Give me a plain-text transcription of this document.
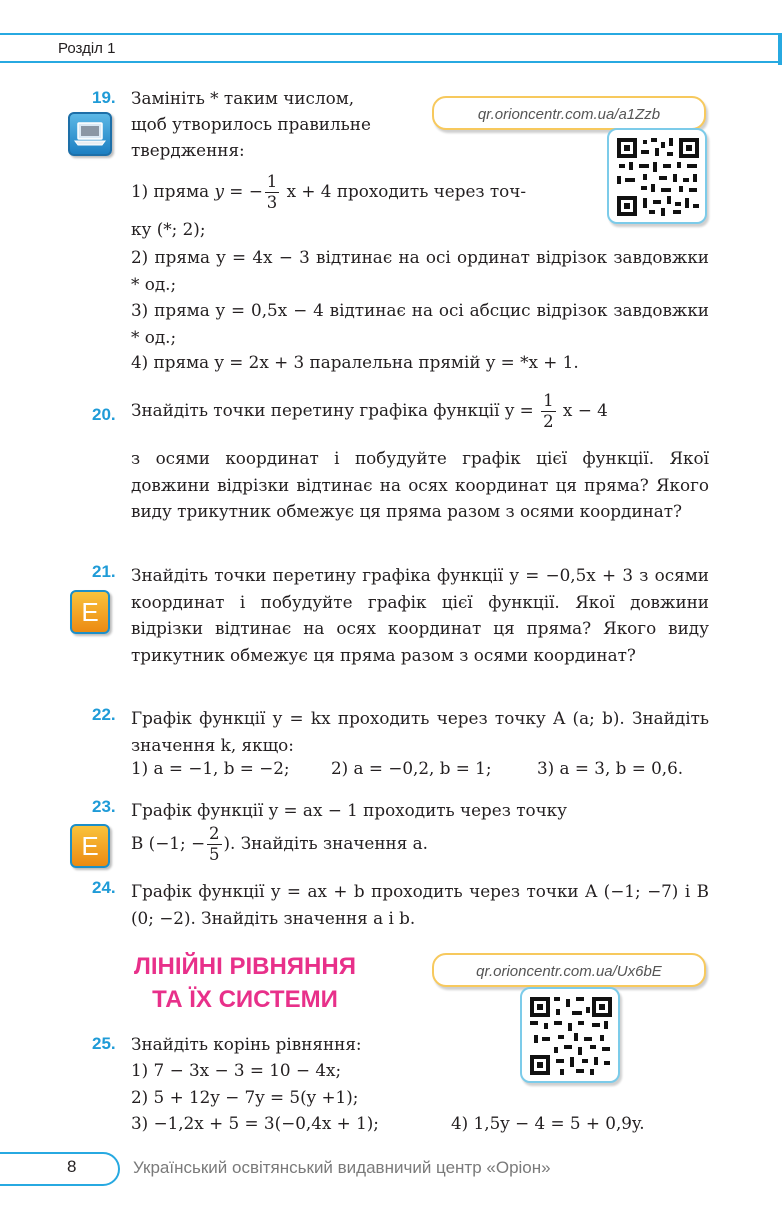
Розділ 1
19. Замініть * таким числом,
щоб утворилось правильне
твердження:
qr.orioncentr.com.ua/a1Zzb
1) пряма y = − $\frac{1}{3}$ x + 4 проходить через точ-
ку (*; 2);

2) пряма y = 4x − 3 відтинає на осі ординат відрізок завдовжки * од.;

3) пряма y = 0,5x − 4 відтинає на осі абсцис відрізок завдовжки * од.;

4) пряма y = 2x + 3 паралельна прямій y = *x + 1.

20. Знайдіть точки перетину графіка функції $y = \frac{1}{2}$ x − 4

з осями координат і побудуйте графік цієї функції. Якої довжини відрізки відтинає на осях координат ця пряма? Якого виду трикутник обмежує ця пряма разом з осями координат?

21.
E

Знайдіть точки перетину графіка функції y = −0,5x + 3 з осями координат і побудуйте графік цієї функції. Якої довжини відрізки відтинає на осях координат ця пряма? Якого виду трикутник обмежує ця пряма разом з осями координат?

22. Графік функції y = kx проходить через точку A (a; b). Знайдіть значення k, якщо:

1) a = −1, b = −2; 2) a = −0,2, b = 1;	3) a = 3, b = 0,6.
23. Графік функції y = ax − 1 проходить через точку

E	B (−1; − $\frac{2}{5}$ ). Знайдіть значення a.
24. Графік функції y = ax + b проходить через точки A (−1; −7) і B (0; −2). Знайдіть значення a і b.

ЛІНІЙНІ РІВНЯННЯ
ТА ЇХ СИСТЕМИ
qr.orioncentr.com.ua/Ux6bE
25. Знайдіть корінь рівняння:
1) 7 − 3x − 3 = 10 − 4x;
2) 5 + 12y − 7y = 5(y +1);
3) −1,2x + 5 = 3(−0,4x + 1);	4) 1,5y − 4 = 5 + 0,9y.
8	Український освітянський видавничий центр «Оріон»
